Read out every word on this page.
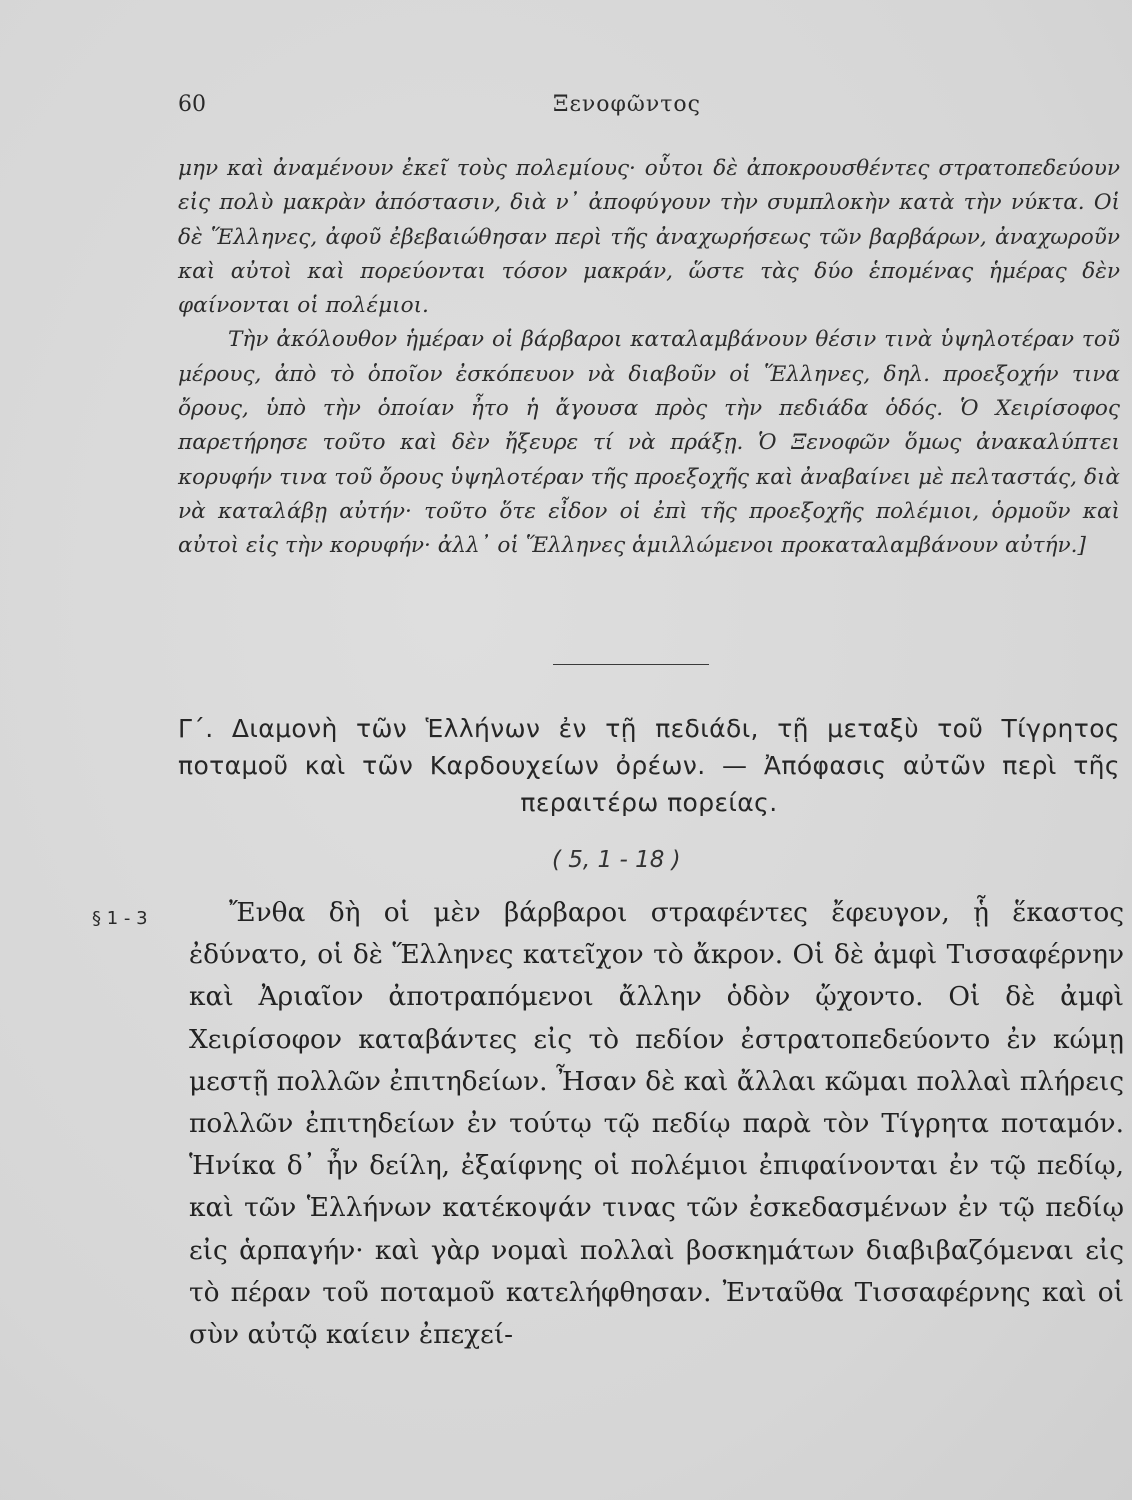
60	Ξενοφῶντος

μην καὶ ἀναμένουν ἐκεῖ τοὺς πολεμίους· οὗτοι δὲ ἀποκρουσθέντες στρατοπεδεύουν εἰς πολὺ μακρὰν ἀπόστασιν, διὰ ν᾽ ἀποφύγουν τὴν συμπλοκὴν κατὰ τὴν νύκτα. Οἱ δὲ Ἕλληνες, ἀφοῦ ἐβεβαιώθησαν περὶ τῆς ἀναχωρήσεως τῶν βαρβάρων, ἀναχωροῦν καὶ αὐτοὶ καὶ πορεύονται τόσον μακράν, ὥστε τὰς δύο ἑπομένας ἡμέρας δὲν φαίνονται οἱ πολέμιοι.

Τὴν ἀκόλουθον ἡμέραν οἱ βάρβαροι καταλαμβάνουν θέσιν τινὰ ὑψηλοτέραν τοῦ μέρους, ἀπὸ τὸ ὁποῖον ἐσκόπευον νὰ διαβοῦν οἱ Ἕλληνες, δηλ. προεξοχήν τινα ὄρους, ὑπὸ τὴν ὁποίαν ἦτο ἡ ἄγουσα πρὸς τὴν πεδιάδα ὁδός. Ὁ Χειρίσοφος παρετήρησε τοῦτο καὶ δὲν ἤξευρε τί νὰ πράξῃ. Ὁ Ξενοφῶν ὅμως ἀνακαλύπτει κορυφήν τινα τοῦ ὄρους ὑψηλοτέραν τῆς προεξοχῆς καὶ ἀναβαίνει μὲ πελταστάς, διὰ νὰ καταλάβῃ αὐτήν· τοῦτο ὅτε εἶδον οἱ ἐπὶ τῆς προεξοχῆς πολέμιοι, ὁρμοῦν καὶ αὐτοὶ εἰς τὴν κορυφήν· ἀλλ᾽ οἱ Ἕλληνες ἁμιλλώμενοι προκαταλαμβάνουν αὐτήν.]

Γ΄. Διαμονὴ τῶν Ἑλλήνων ἐν τῇ πεδιάδι, τῇ μεταξὺ τοῦ Τίγρητος ποταμοῦ καὶ τῶν Καρδουχείων ὀρέων. — Ἀπόφασις αὐτῶν περὶ τῆς περαιτέρω πορείας.
( 5, 1 - 18 )
§ 1 - 3	Ἔνθα δὴ οἱ μὲν βάρβαροι στραφέντες ἔφευγον, ᾗ ἕκαστος ἐδύνατο, οἱ δὲ Ἕλληνες κατεῖχον τὸ ἄκρον. Οἱ δὲ ἀμφὶ Τισσαφέρνην καὶ Ἀριαῖον ἀποτραπόμενοι ἄλλην ὁδὸν ᾤχοντο. Οἱ δὲ ἀμφὶ Χειρίσοφον καταβάντες εἰς τὸ πεδίον ἐστρατοπεδεύοντο ἐν κώμῃ μεστῇ πολλῶν ἐπιτηδείων. Ἦσαν δὲ καὶ ἄλλαι κῶμαι πολλαὶ πλήρεις πολλῶν ἐπιτηδείων ἐν τούτῳ τῷ πεδίῳ παρὰ τὸν Τίγρητα ποταμόν. Ἡνίκα δ᾽ ἦν δείλη, ἐξαίφνης οἱ πολέμιοι ἐπιφαίνονται ἐν τῷ πεδίῳ, καὶ τῶν Ἑλλήνων κατέκοψάν τινας τῶν ἐσκεδασμένων ἐν τῷ πεδίῳ εἰς ἁρπαγήν· καὶ γὰρ νομαὶ πολλαὶ βοσκημάτων διαβιβαζόμεναι εἰς τὸ πέραν τοῦ ποταμοῦ κατελήφθησαν. Ἐνταῦθα Τισσαφέρνης καὶ οἱ σὺν αὐτῷ καίειν ἐπεχεί-
